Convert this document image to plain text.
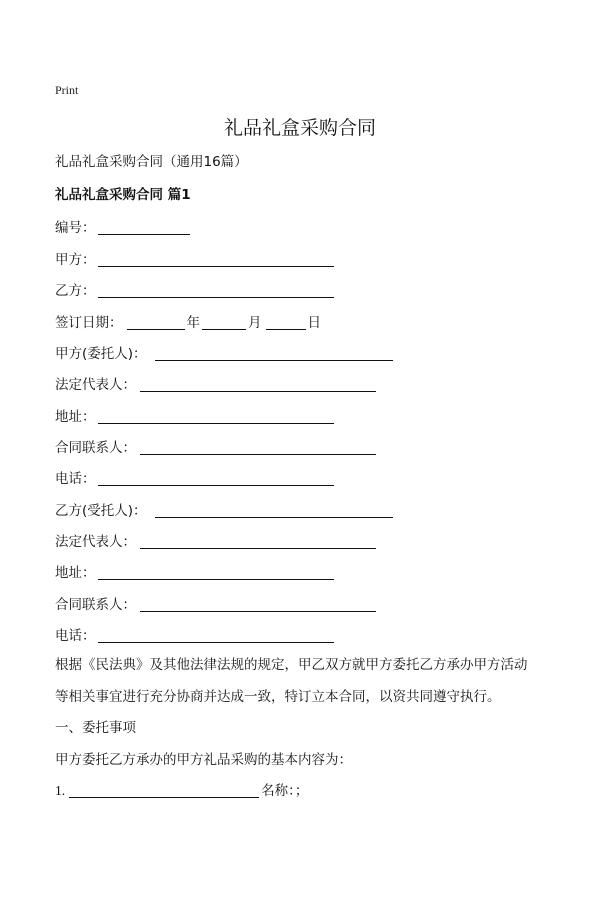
Print
礼品礼盒采购合同
礼品礼盒采购合同（通用16篇）
礼品礼盒采购合同 篇1
编号：
甲方：
乙方：
签订日期：	年	月	日
甲方(委托人)：
法定代表人：
地址：
合同联系人：
电话：
乙方(受托人)：
法定代表人：
地址：
合同联系人：
电话：
根据《民法典》及其他法律法规的规定，甲乙双方就甲方委托乙方承办甲方活动
等相关事宜进行充分协商并达成一致，特订立本合同，以资共同遵守执行。
一、委托事项
甲方委托乙方承办的甲方礼品采购的基本内容为：
1.	名称：；
